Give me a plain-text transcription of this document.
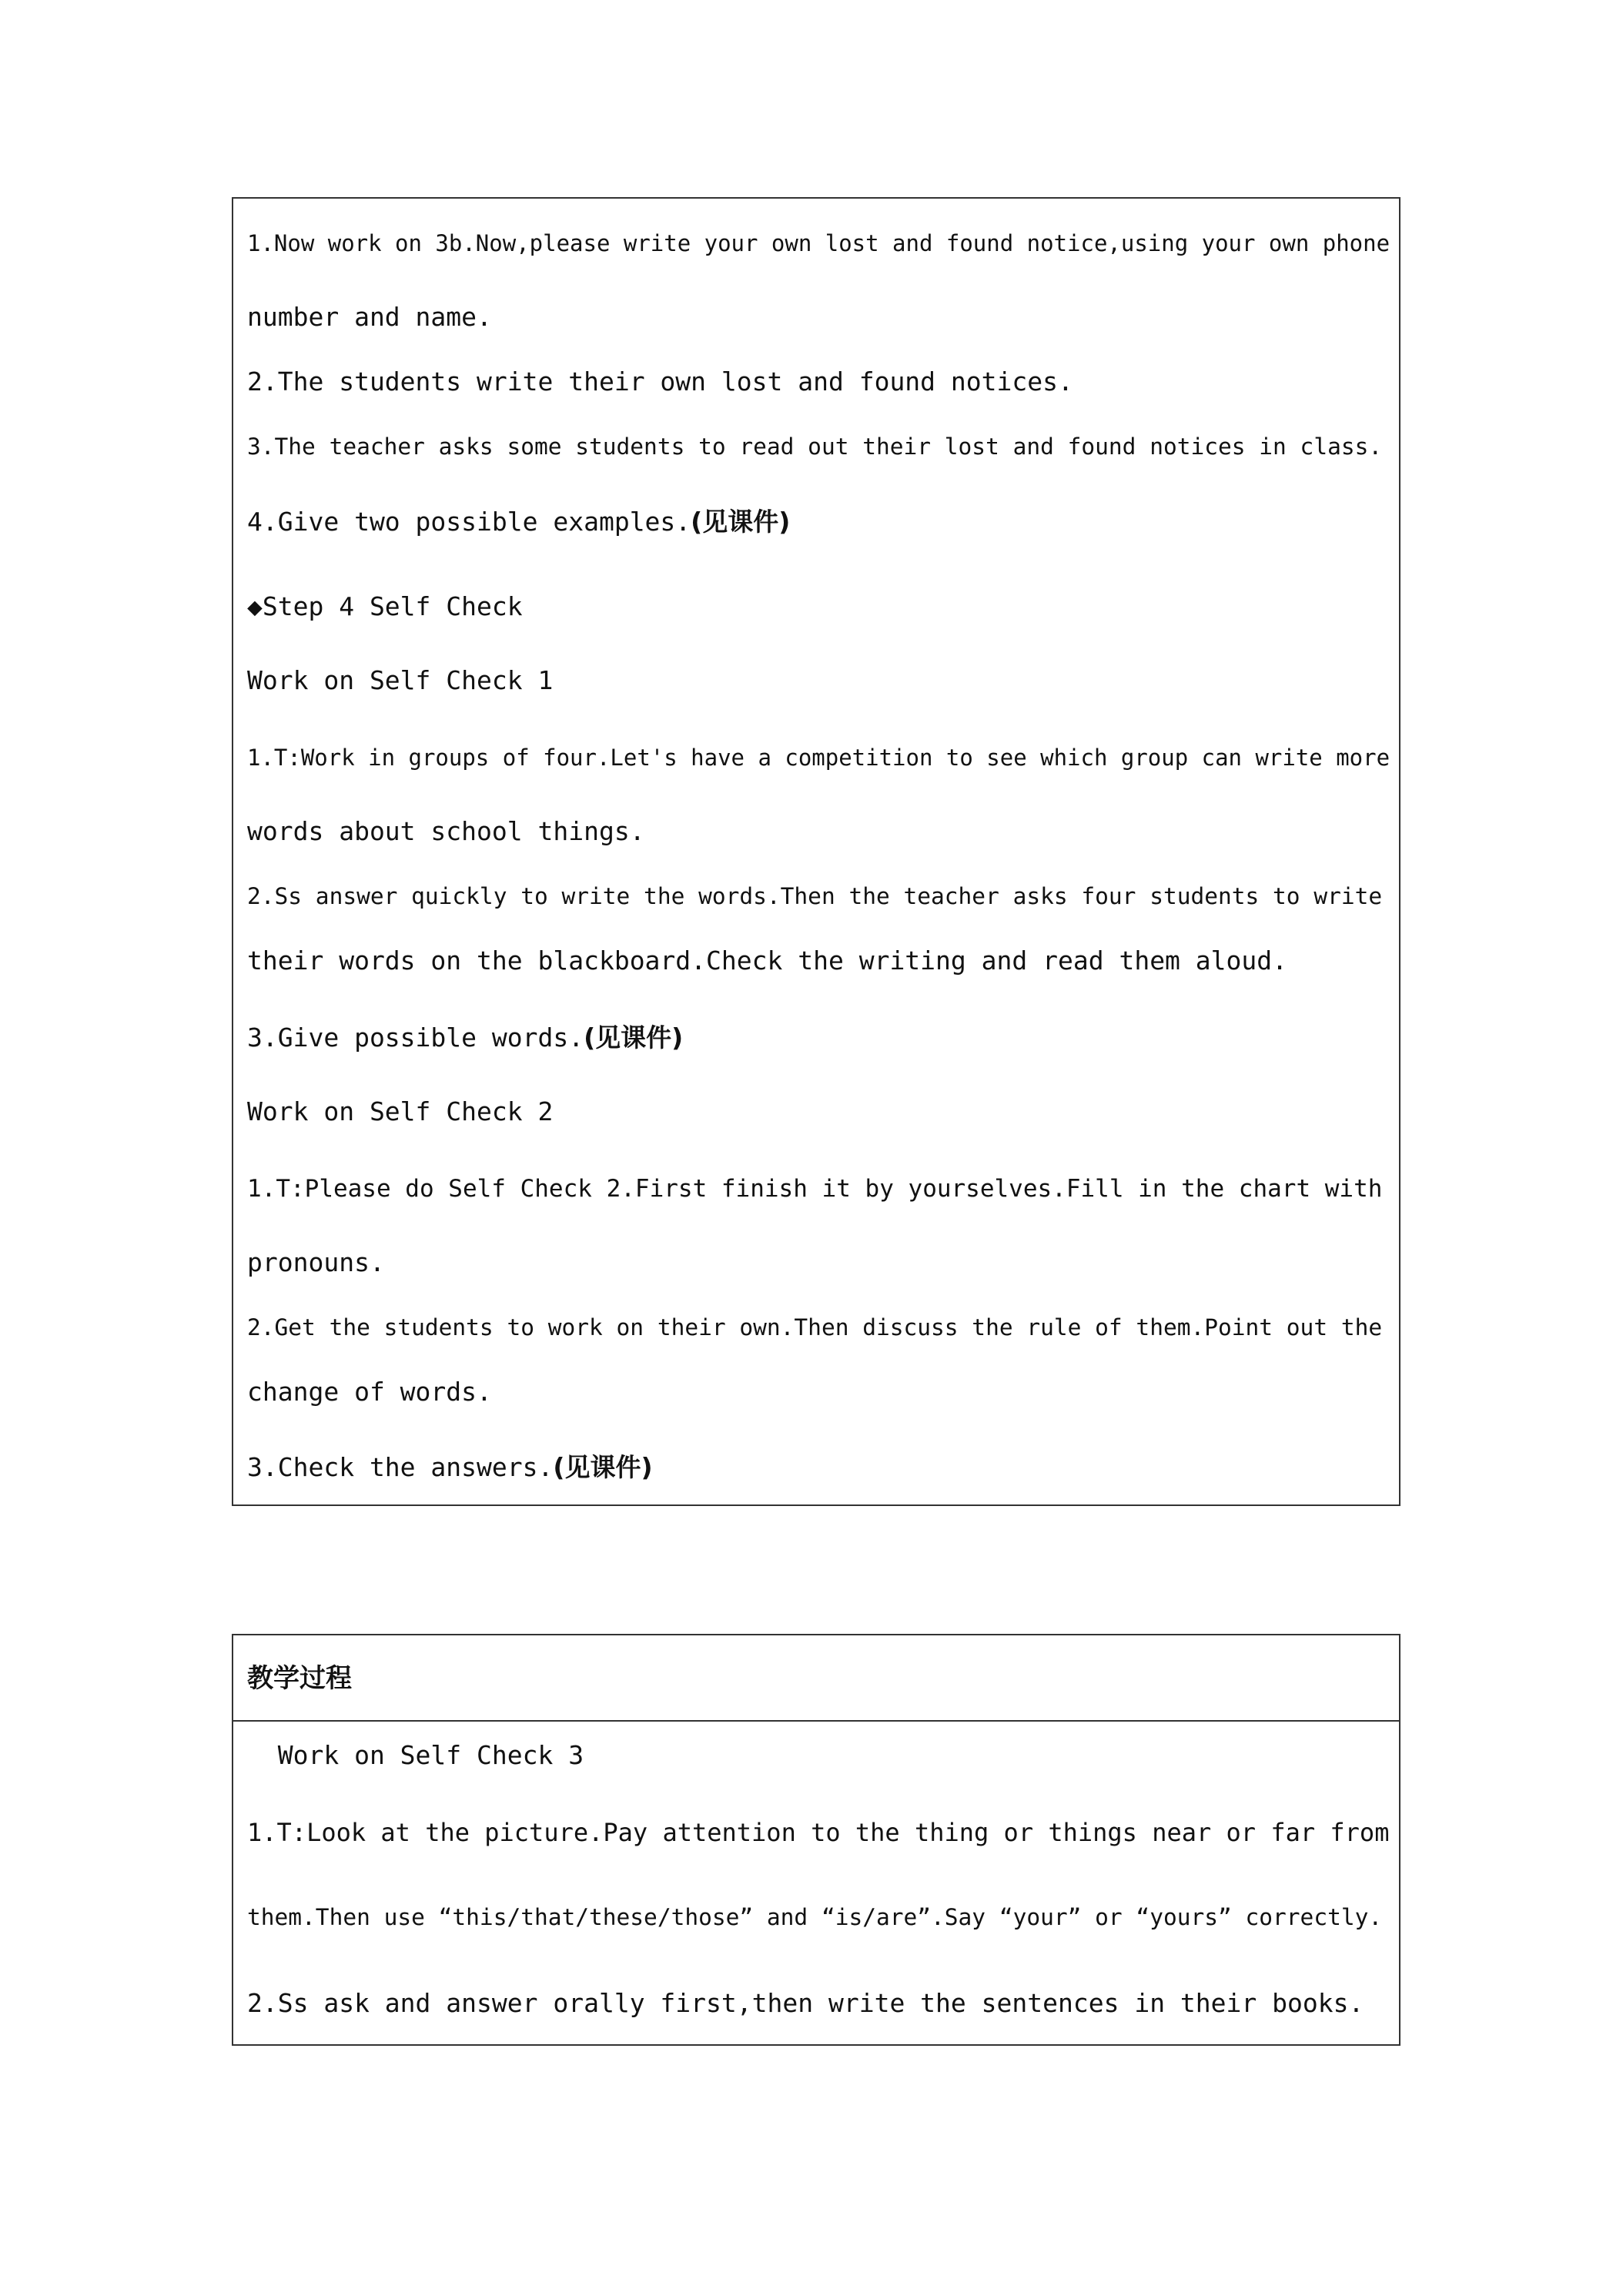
1.Now work on 3b.Now,please write your own lost and found notice,using your own phone
number and name.
2.The students write their own lost and found notices.
3.The teacher asks some students to read out their lost and found notices in class.
4.Give two possible examples.(见课件)
◆Step 4 Self Check
Work on Self Check 1
1.T:Work in groups of four.Let's have a competition to see which group can write more
words about school things.
2.Ss answer quickly to write the words.Then the teacher asks four students to write
their words on the blackboard.Check the writing and read them aloud.
3.Give possible words.(见课件)
Work on Self Check 2
1.T:Please do Self Check 2.First finish it by yourselves.Fill in the chart with
pronouns.
2.Get the students to work on their own.Then discuss the rule of them.Point out the
change of words.
3.Check the answers.(见课件)
教学过程
Work on Self Check 3
1.T:Look at the picture.Pay attention to the thing or things near or far from
them.Then use “this/that/these/those” and “is/are”.Say “your” or “yours” correctly.
2.Ss ask and answer orally first,then write the sentences in their books.
